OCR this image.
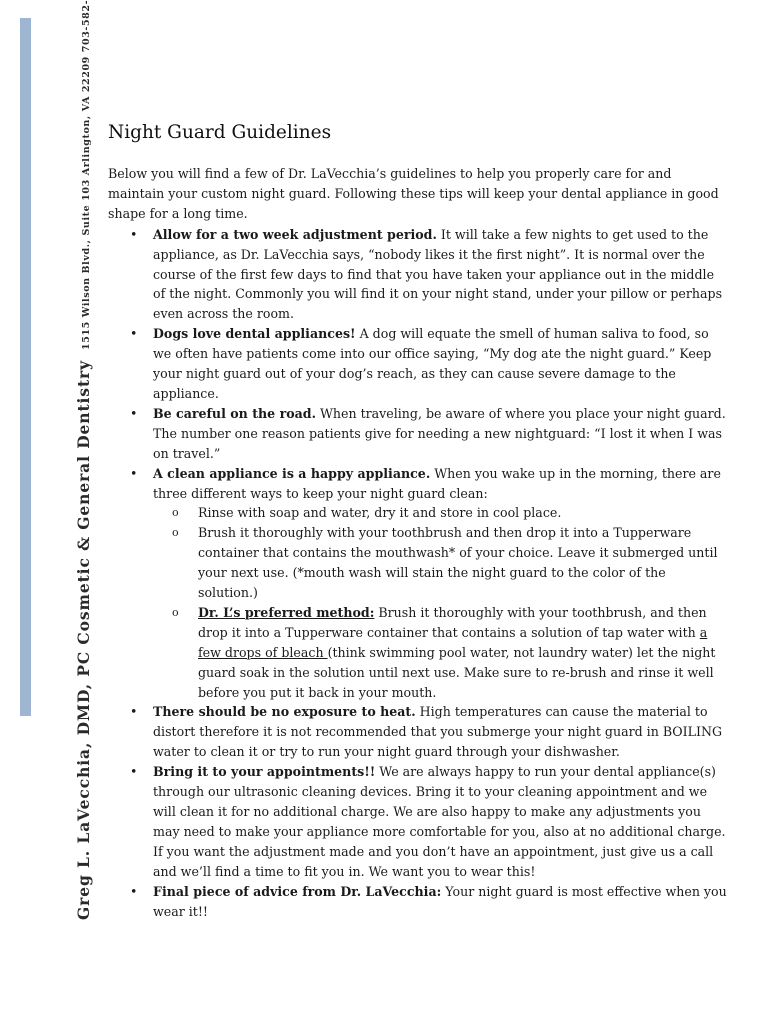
Greg L. LaVecchia, DMD, PC Cosmetic & General Dentistry1515 Wilson Blvd., Suite 103 Arlington, VA 22209 703-582- Night Guard Guidelines

Below you will find a few of Dr. LaVecchia’s guidelines to help you properly care for and maintain your custom night guard. Following these tips will keep your dental appliance in good shape for a long time.

• Allow for a two week adjustment period. It will take a few nights to get used to the appliance, as Dr. LaVecchia says, “nobody likes it the first night”. It is normal over the course of the first few days to find that you have taken your appliance out in the middle of the night. Commonly you will find it on your night stand, under your pillow or perhaps even across the room.
• Dogs love dental appliances! A dog will equate the smell of human saliva to food, so we often have patients come into our office saying, “My dog ate the night guard.” Keep your night guard out of your dog’s reach, as they can cause severe damage to the appliance.
• Be careful on the road. When traveling, be aware of where you place your night guard. The number one reason patients give for needing a new nightguard: “I lost it when I was on travel.”
• A clean appliance is a happy appliance. When you wake up in the morning, there are three different ways to keep your night guard clean:
o Rinse with soap and water, dry it and store in cool place.
o Brush it thoroughly with your toothbrush and then drop it into a Tupperware container that contains the mouthwash* of your choice. Leave it submerged until your next use. (*mouth wash will stain the night guard to the color of the solution.)
o Dr. L’s preferred method: Brush it thoroughly with your toothbrush, and then drop it into a Tupperware container that contains a solution of tap water with a few drops of bleach (think swimming pool water, not laundry water) let the night guard soak in the solution until next use. Make sure to re-brush and rinse it well before you put it back in your mouth.
• There should be no exposure to heat. High temperatures can cause the material to distort therefore it is not recommended that you submerge your night guard in BOILING water to clean it or try to run your night guard through your dishwasher.
• Bring it to your appointments!! We are always happy to run your dental appliance(s) through our ultrasonic cleaning devices. Bring it to your cleaning appointment and we will clean it for no additional charge. We are also happy to make any adjustments you may need to make your appliance more comfortable for you, also at no additional charge. If you want the adjustment made and you don’t have an appointment, just give us a call and we’ll find a time to fit you in. We want you to wear this!
• Final piece of advice from Dr. LaVecchia: Your night guard is most effective when you wear it!!
